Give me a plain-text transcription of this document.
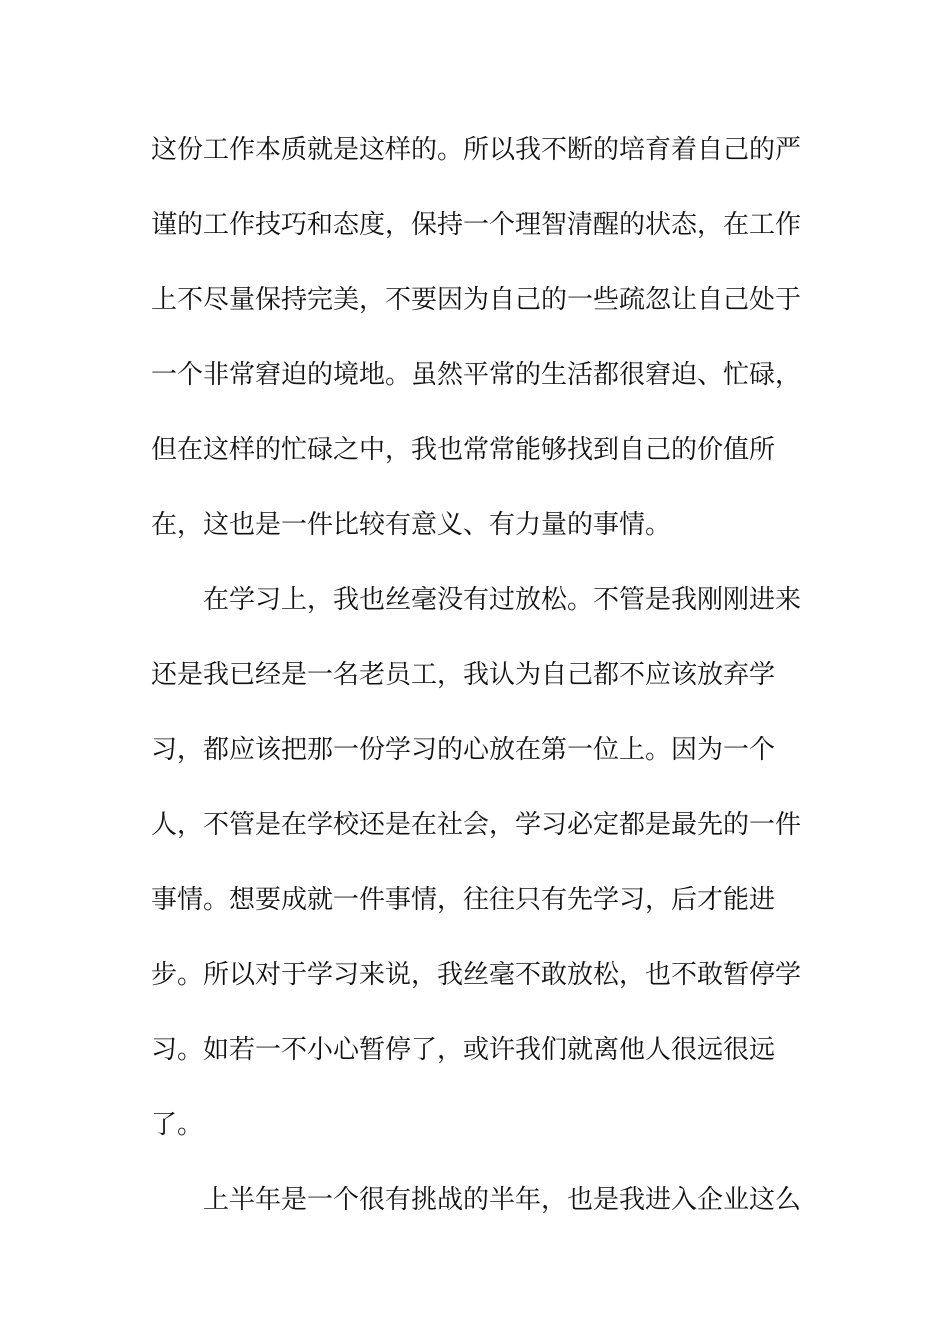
这份工作本质就是这样的。所以我不断的培育着自己的严
谨的工作技巧和态度，保持一个理智清醒的状态，在工作
上不尽量保持完美，不要因为自己的一些疏忽让自己处于
一个非常窘迫的境地。虽然平常的生活都很窘迫、忙碌，
但在这样的忙碌之中，我也常常能够找到自己的价值所
在，这也是一件比较有意义、有力量的事情。
在学习上，我也丝毫没有过放松。不管是我刚刚进来
还是我已经是一名老员工，我认为自己都不应该放弃学
习，都应该把那一份学习的心放在第一位上。因为一个
人，不管是在学校还是在社会，学习必定都是最先的一件
事情。想要成就一件事情，往往只有先学习，后才能进
步。所以对于学习来说，我丝毫不敢放松，也不敢暂停学
习。如若一不小心暂停了，或许我们就离他人很远很远
了。
上半年是一个很有挑战的半年，也是我进入企业这么
